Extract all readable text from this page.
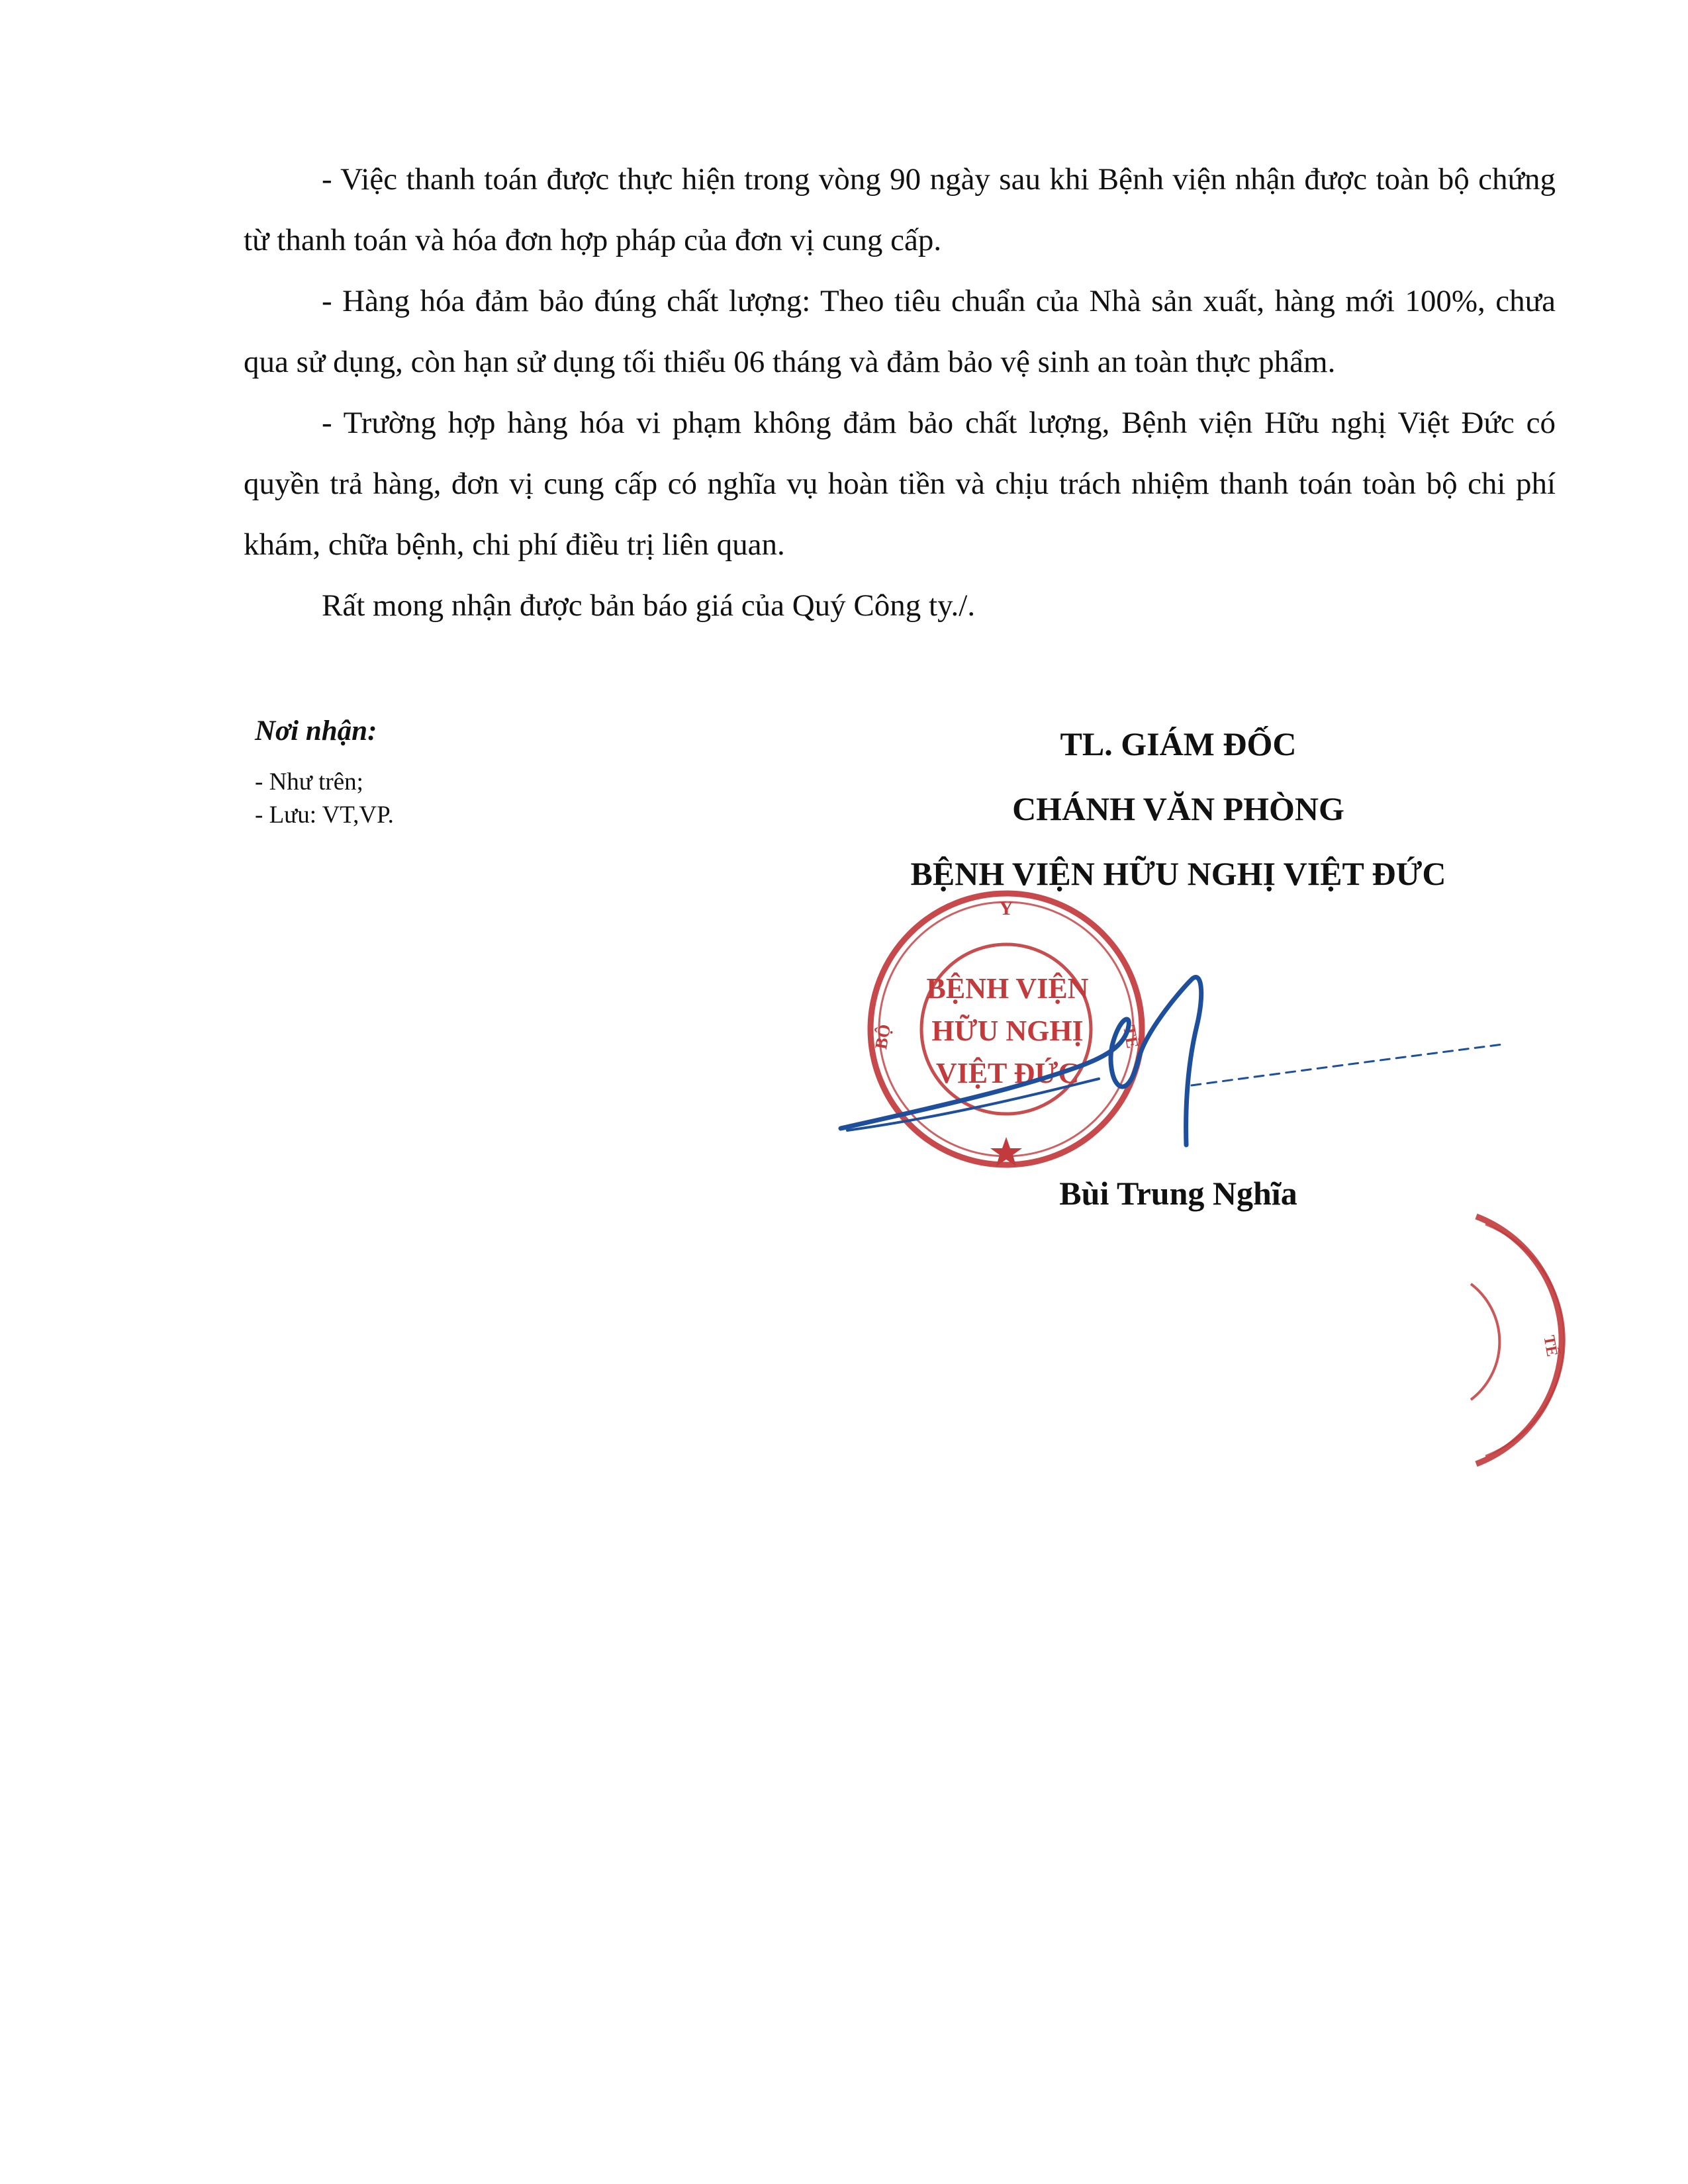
- Việc thanh toán được thực hiện trong vòng 90 ngày sau khi Bệnh viện nhận được toàn bộ chứng từ thanh toán và hóa đơn hợp pháp của đơn vị cung cấp.

- Hàng hóa đảm bảo đúng chất lượng: Theo tiêu chuẩn của Nhà sản xuất, hàng mới 100%, chưa qua sử dụng, còn hạn sử dụng tối thiểu 06 tháng và đảm bảo vệ sinh an toàn thực phẩm.

- Trường hợp hàng hóa vi phạm không đảm bảo chất lượng, Bệnh viện Hữu nghị Việt Đức có quyền trả hàng, đơn vị cung cấp có nghĩa vụ hoàn tiền và chịu trách nhiệm thanh toán toàn bộ chi phí khám, chữa bệnh, chi phí điều trị liên quan.

Rất mong nhận được bản báo giá của Quý Công ty./.

Nơi nhận:

- Như trên;
- Lưu: VT,VP.

TL. GIÁM ĐỐC

CHÁNH VĂN PHÒNG

BỆNH VIỆN HỮU NGHỊ VIỆT ĐỨC

Y
BỘ	TẾ
BỆNH VIỆN
HỮU NGHỊ
VIỆT ĐỨC
Bùi Trung Nghĩa
TẾ
